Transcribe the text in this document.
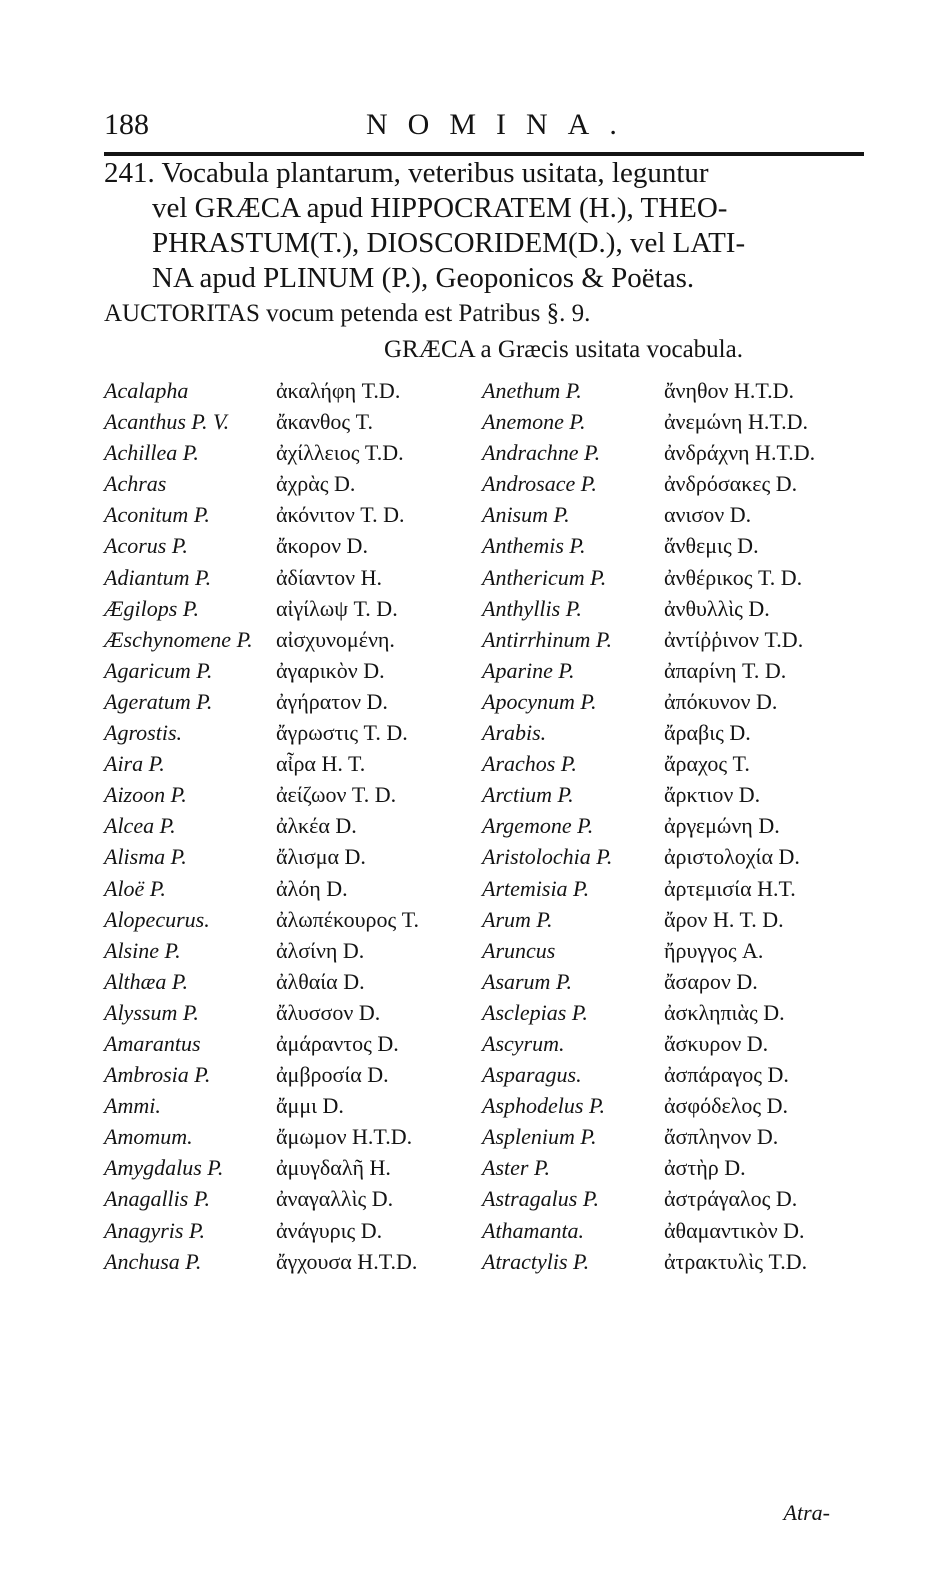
188	NOMINA.
241. Vocabula plantarum, veteribus usitata, leguntur
vel GRÆCA apud HIPPOCRATEM (H.), THEO-
PHRASTUM(T.), DIOSCORIDEM(D.), vel LATI-
NA apud PLINUM (P.), Geoponicos & Poëtas.
AUCTORITAS vocum petenda est Patribus §. 9.
GRÆCA a Græcis usitata vocabula.
Acalapha	ἀκαλήφη T.D.	Anethum P.	ἄνηθον H.T.D.
Acanthus P. V. ἄκανθος T.	Anemone P.	ἀνεμώνη H.T.D.
Achillea P.	ἀχίλλειος T.D.	Andrachne P.	ἀνδράχνη H.T.D.
Achras	ἀχρὰς D.	Androsace P.	ἀνδρόσακες D.
Aconitum P.	ἀκόνιτον T. D.	Anisum P.	ανισον D.
Acorus P.	ἄκορον D.	Anthemis P.	ἄνθεμις D.
Adiantum P.	ἀδίαντον H.	Anthericum P.	ἀνθέρικος T. D.
Ægilops P.	αἰγίλωψ T. D.	Anthyllis P.	ἀνθυλλὶς D.
Æschynomene P. αἰσχυνομένη.	Antirrhinum P. ἀντίῤῥινον T.D.
Agaricum P.	ἀγαρικὸν D.	Aparine P.	ἀπαρίνη T. D.
Ageratum P.	ἀγήρατον D.	Apocynum P.	ἀπόκυνον D.
Agrostis.	ἄγρωστις T. D.	Arabis.	ἄραβις D.
Aira P.	αἶρα H. T.	Arachos P.	ἄραχος T.
Aizoon P.	ἀείζωον T. D.	Arctium P.	ἄρκτιον D.
Alcea P.	ἀλκέα D.	Argemone P.	ἀργεμώνη D.
Alisma P.	ἄλισμα D.	Aristolochia P. ἀριστολοχία D.
Aloë P.	ἀλόη D.	Artemisia P.	ἀρτεμισία H.T.
Alopecurus.	ἀλωπέκουρος T.	Arum P.	ἄρον H. T. D.
Alsine P.	ἀλσίνη D.	Aruncus	ἤρυγγος A.
Althæa P.	ἀλθαία D.	Asarum P.	ἄσαρον D.
Alyssum P.	ἄλυσσον D.	Asclepias P.	ἀσκληπιὰς D.
Amarantus	ἀμάραντος D.	Ascyrum.	ἄσκυρον D.
Ambrosia P.	ἀμβροσία D.	Asparagus.	ἀσπάραγος D.
Ammi.	ἄμμι D.	Asphodelus P.	ἀσφόδελος D.
Amomum.	ἄμωμον H.T.D.	Asplenium P.	ἄσπληνον D.
Amygdalus P. ἀμυγδαλῆ H.	Aster P.	ἀστὴρ D.
Anagallis P.	ἀναγαλλὶς D.	Astragalus P.	ἀστράγαλος D.
Anagyris P.	ἀνάγυρις D.	Athamanta.	ἀθαμαντικὸν D.
Anchusa P.	ἄγχουσα H.T.D.	Atractylis P.	ἀτρακτυλὶς T.D.
Atra-
